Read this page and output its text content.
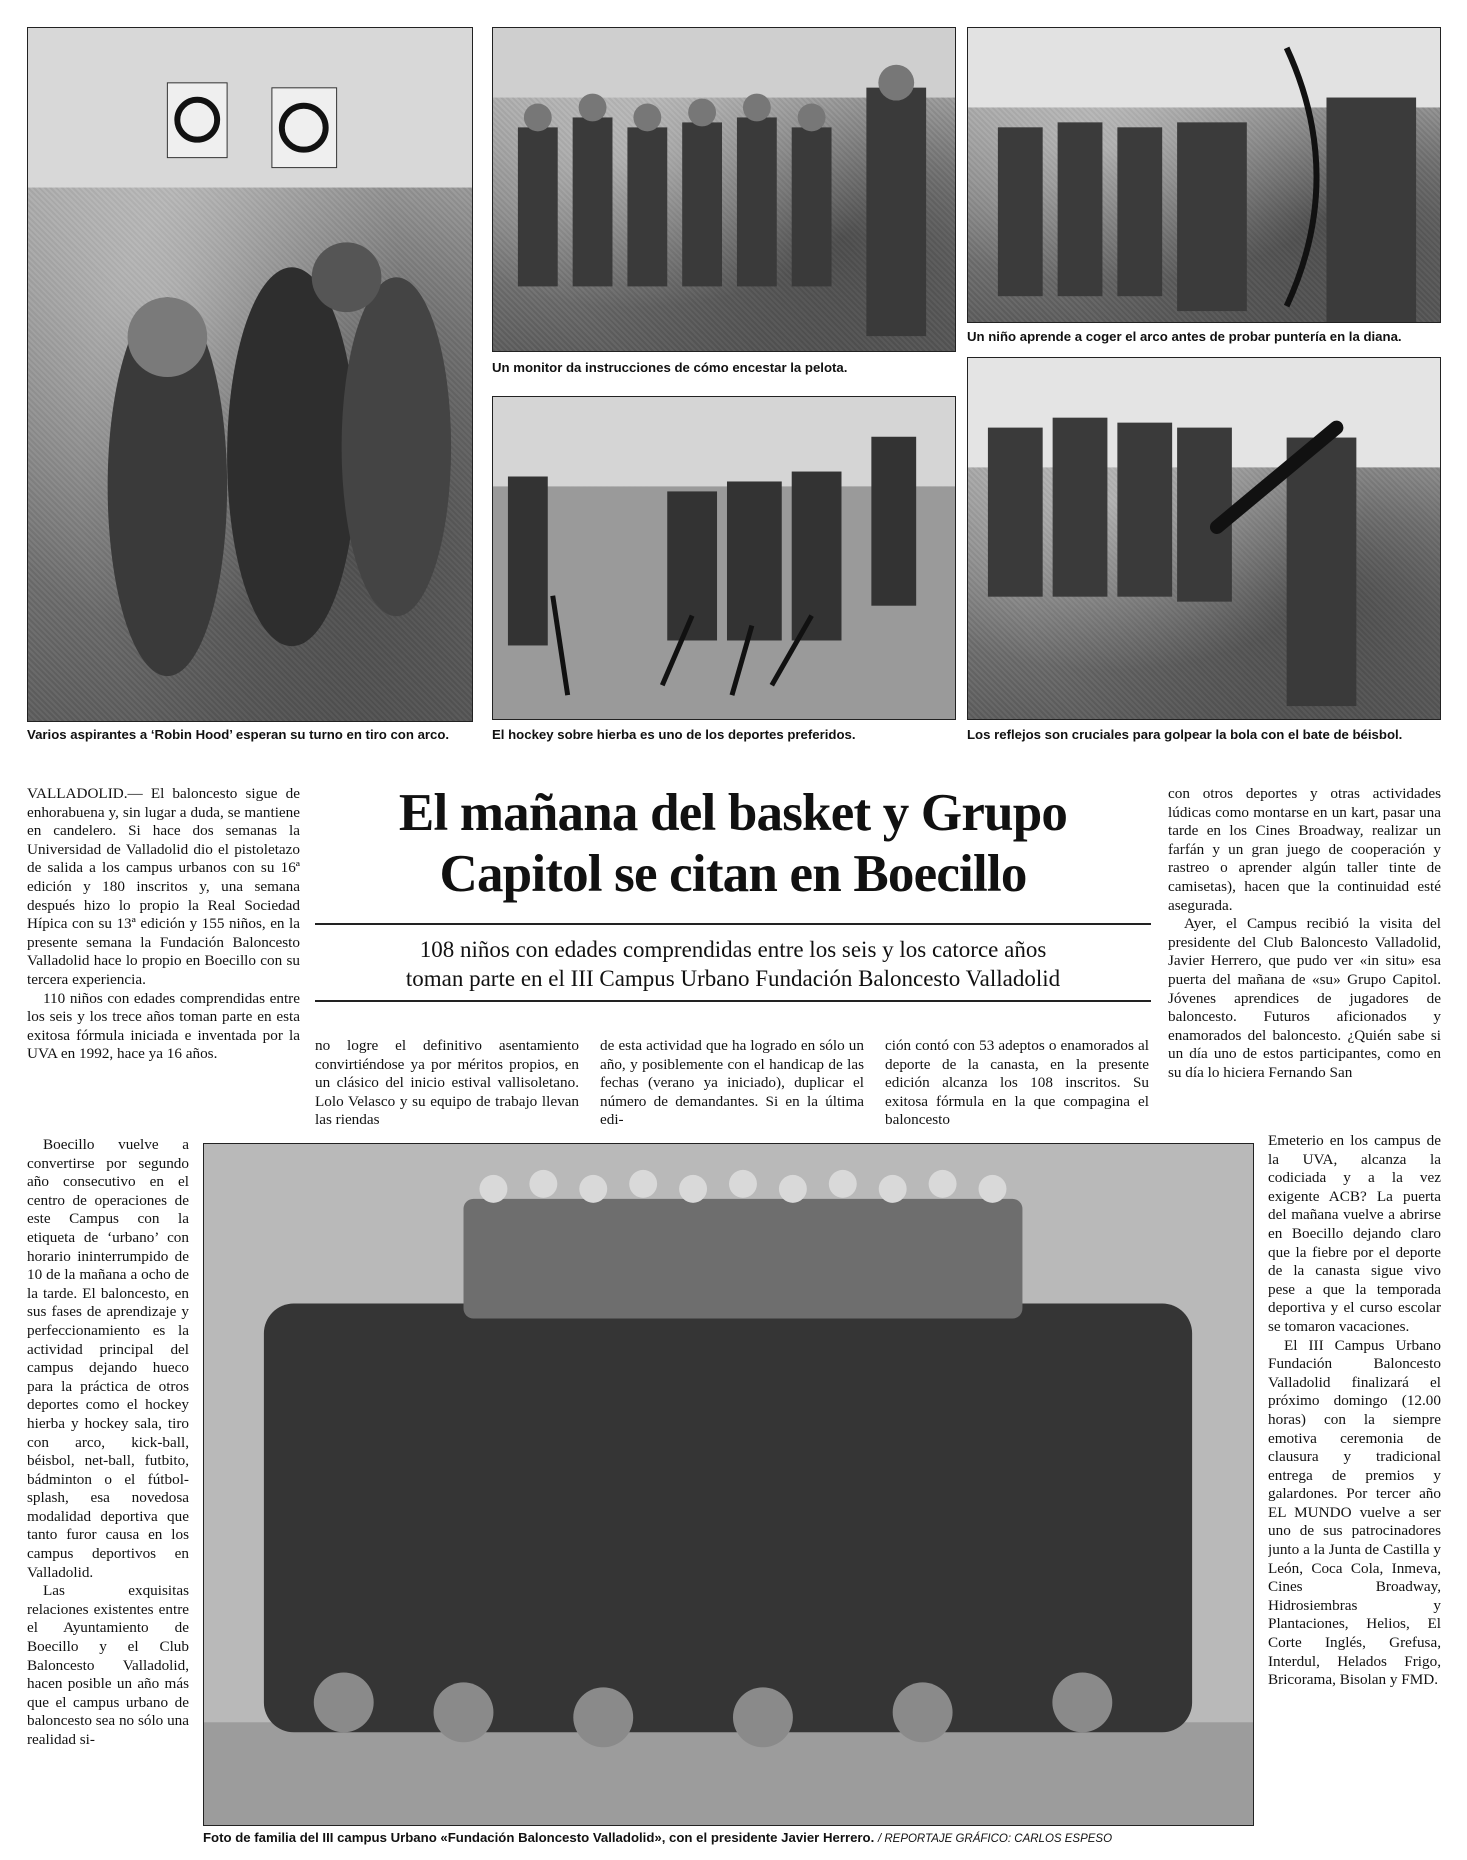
Varios aspirantes a ‘Robin Hood’ esperan su turno en tiro con arco.
Un monitor da instrucciones de cómo encestar la pelota.
Un niño aprende a coger el arco antes de probar puntería en la diana.
El hockey sobre hierba es uno de los deportes preferidos.	Los reflejos son cruciales para golpear la bola con el bate de béisbol.
El mañana del basket y Grupo
Capitol se citan en Boecillo
108 niños con edades comprendidas entre los seis y los catorce años
toman parte en el III Campus Urbano Fundación Baloncesto Valladolid

VALLADOLID.— El baloncesto sigue de enhorabuena y, sin lugar a duda, se mantiene en candelero. Si hace dos semanas la Universidad de Valladolid dio el pistoletazo de salida a los campus urbanos con su 16ª edición y 180 inscritos y, una semana después hizo lo propio la Real Sociedad Hípica con su 13ª edición y 155 niños, en la presente semana la Fundación Baloncesto Valladolid hace lo propio en Boecillo con su tercera experiencia.

110 niños con edades comprendidas entre los seis y los trece años toman parte en esta exitosa fórmula iniciada e inventada por la UVA en 1992, hace ya 16 años.

Boecillo vuelve a convertirse por segundo año consecutivo en el centro de operaciones de este Campus con la etiqueta de ‘urbano’ con horario ininterrumpido de 10 de la mañana a ocho de la tarde. El baloncesto, en sus fases de aprendizaje y perfeccionamiento es la actividad principal del campus dejando hueco para la práctica de otros deportes como el hockey hierba y hockey sala, tiro con arco, kick-ball, béisbol, net-ball, futbito, bádminton o el fútbol-splash, esa novedosa modalidad deportiva que tanto furor causa en los campus deportivos en Valladolid.

Las exquisitas relaciones existentes entre el Ayuntamiento de Boecillo y el Club Baloncesto Valladolid, hacen posible un año más que el campus urbano de baloncesto sea no sólo una realidad si-

no logre el definitivo asentamiento convirtiéndose ya por méritos propios, en un clásico del inicio estival vallisoletano. Lolo Velasco y su equipo de trabajo llevan las riendas

de esta actividad que ha logrado en sólo un año, y posiblemente con el handicap de las fechas (verano ya iniciado), duplicar el número de demandantes. Si en la última edi-

ción contó con 53 adeptos o enamorados al deporte de la canasta, en la presente edición alcanza los 108 inscritos. Su exitosa fórmula en la que compagina el baloncesto

con otros deportes y otras actividades lúdicas como montarse en un kart, pasar una tarde en los Cines Broadway, realizar un farfán y un gran juego de cooperación y rastreo o aprender algún taller tinte de camisetas), hacen que la continuidad esté asegurada.

Ayer, el Campus recibió la visita del presidente del Club Baloncesto Valladolid, Javier Herrero, que pudo ver «in situ» esa puerta del mañana de «su» Grupo Capitol. Jóvenes aprendices de jugadores de baloncesto. Futuros aficionados y enamorados del baloncesto. ¿Quién sabe si un día uno de estos participantes, como en su día lo hiciera Fernando San

Emeterio en los campus de la UVA, alcanza la codiciada y a la vez exigente ACB? La puerta del mañana vuelve a abrirse en Boecillo dejando claro que la fiebre por el deporte de la canasta sigue vivo pese a que la temporada deportiva y el curso escolar se tomaron vacaciones.

El III Campus Urbano Fundación Baloncesto Valladolid finalizará el próximo domingo (12.00 horas) con la siempre emotiva ceremonia de clausura y tradicional entrega de premios y galardones. Por tercer año EL MUNDO vuelve a ser uno de sus patrocinadores junto a la Junta de Castilla y León, Coca Cola, Inmeva, Cines Broadway, Hidrosiembras y Plantaciones, Helios, El Corte Inglés, Grefusa, Interdul, Helados Frigo, Bricorama, Bisolan y FMD.

Foto de familia del III campus Urbano «Fundación Baloncesto Valladolid», con el presidente Javier Herrero. / REPORTAJE GRÁFICO: CARLOS ESPESO
